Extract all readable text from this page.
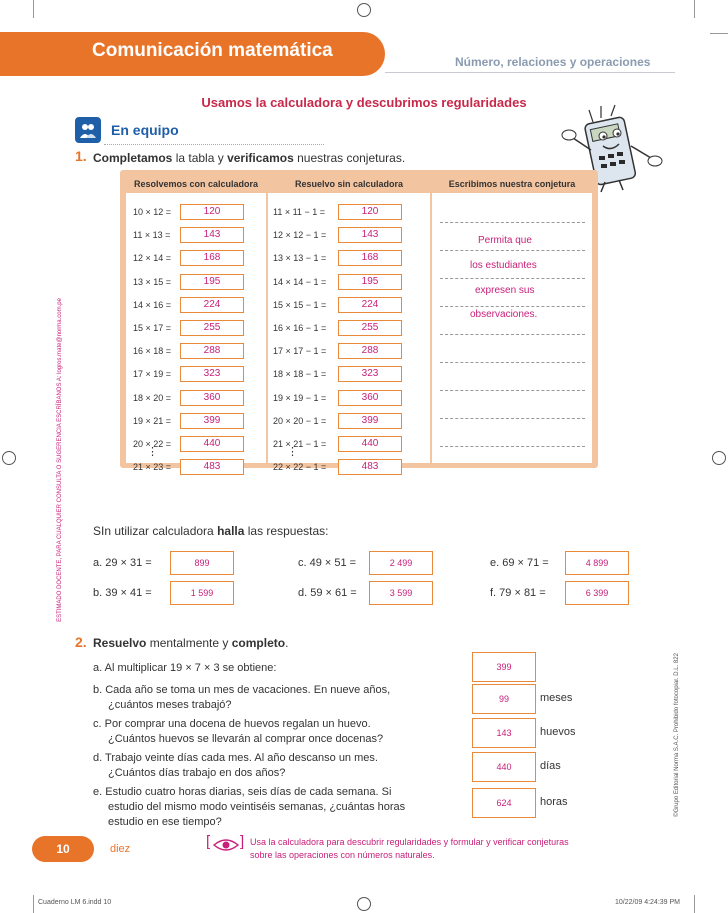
Comunicación matemática
Número, relaciones y operaciones
Usamos la calculadora y descubrimos regularidades
En equipo
1. Completamos la tabla y verificamos nuestras conjeturas.
Resolvemos con calculadora	Resuelvo sin calculadora	Escribimos nuestra conjetura
10 × 12 =	120	11 × 11 − 1 =	120
11 × 13 =	143	12 × 12 − 1 =	143
12 × 14 =	168	13 × 13 − 1 =	168
13 × 15 =	195	14 × 14 − 1 =	195
14 × 16 =	224	15 × 15 − 1 =	224
15 × 17 =	255	16 × 16 − 1 =	255
16 × 18 =	288	17 × 17 − 1 =	288
17 × 19 =	323	18 × 18 − 1 =	323
18 × 20 =	360	19 × 19 − 1 =	360
19 × 21 =	399	20 × 20 − 1 =	399
20 × 22 =	440	21 × 21 − 1 =	440
21 × 23 =	483	22 × 22 − 1 =	483
⋮	⋮
Permita que
los estudiantes
expresen sus
observaciones.
SIn utilizar calculadora halla las respuestas:
a. 29 × 31 =	899	c. 49 × 51 =	2 499	e. 69 × 71 =	4 899
b. 39 × 41 =	1 599	d. 59 × 61 =	3 599	f. 79 × 81 =	6 399
2. Resuelvo mentalmente y completo.
a. Al multiplicar 19 × 7 × 3 se obtiene:	399
b. Cada año se toma un mes de vacaciones. En nueve años,
¿cuántos meses trabajó?	99	meses
c. Por comprar una docena de huevos regalan un huevo.
¿Cuántos huevos se llevarán al comprar once docenas?	143	huevos
d. Trabajo veinte días cada mes. Al año descanso un mes.
¿Cuántos días trabajo en dos años?	440	días
e. Estudio cuatro horas diarias, seis días de cada semana. Si
estudio del mismo modo veintiséis semanas, ¿cuántas horas
estudio en ese tiempo?
624	horas
10	diez	[ ] Usa la calculadora para descubrir regularidades y formular y verificar conjeturas
sobre las operaciones con números naturales.
ESTIMADO DOCENTE, PARA CUALQUIER CONSULTA O SUGERENCIA ESCRÍBANOS A: logros.mate@norma.com.pe
©Grupo Editorial Norma S.A.C. Prohibido fotocopiar. D.L. 822
Cuaderno LM 6.indd 10	10/22/09 4:24:39 PM
